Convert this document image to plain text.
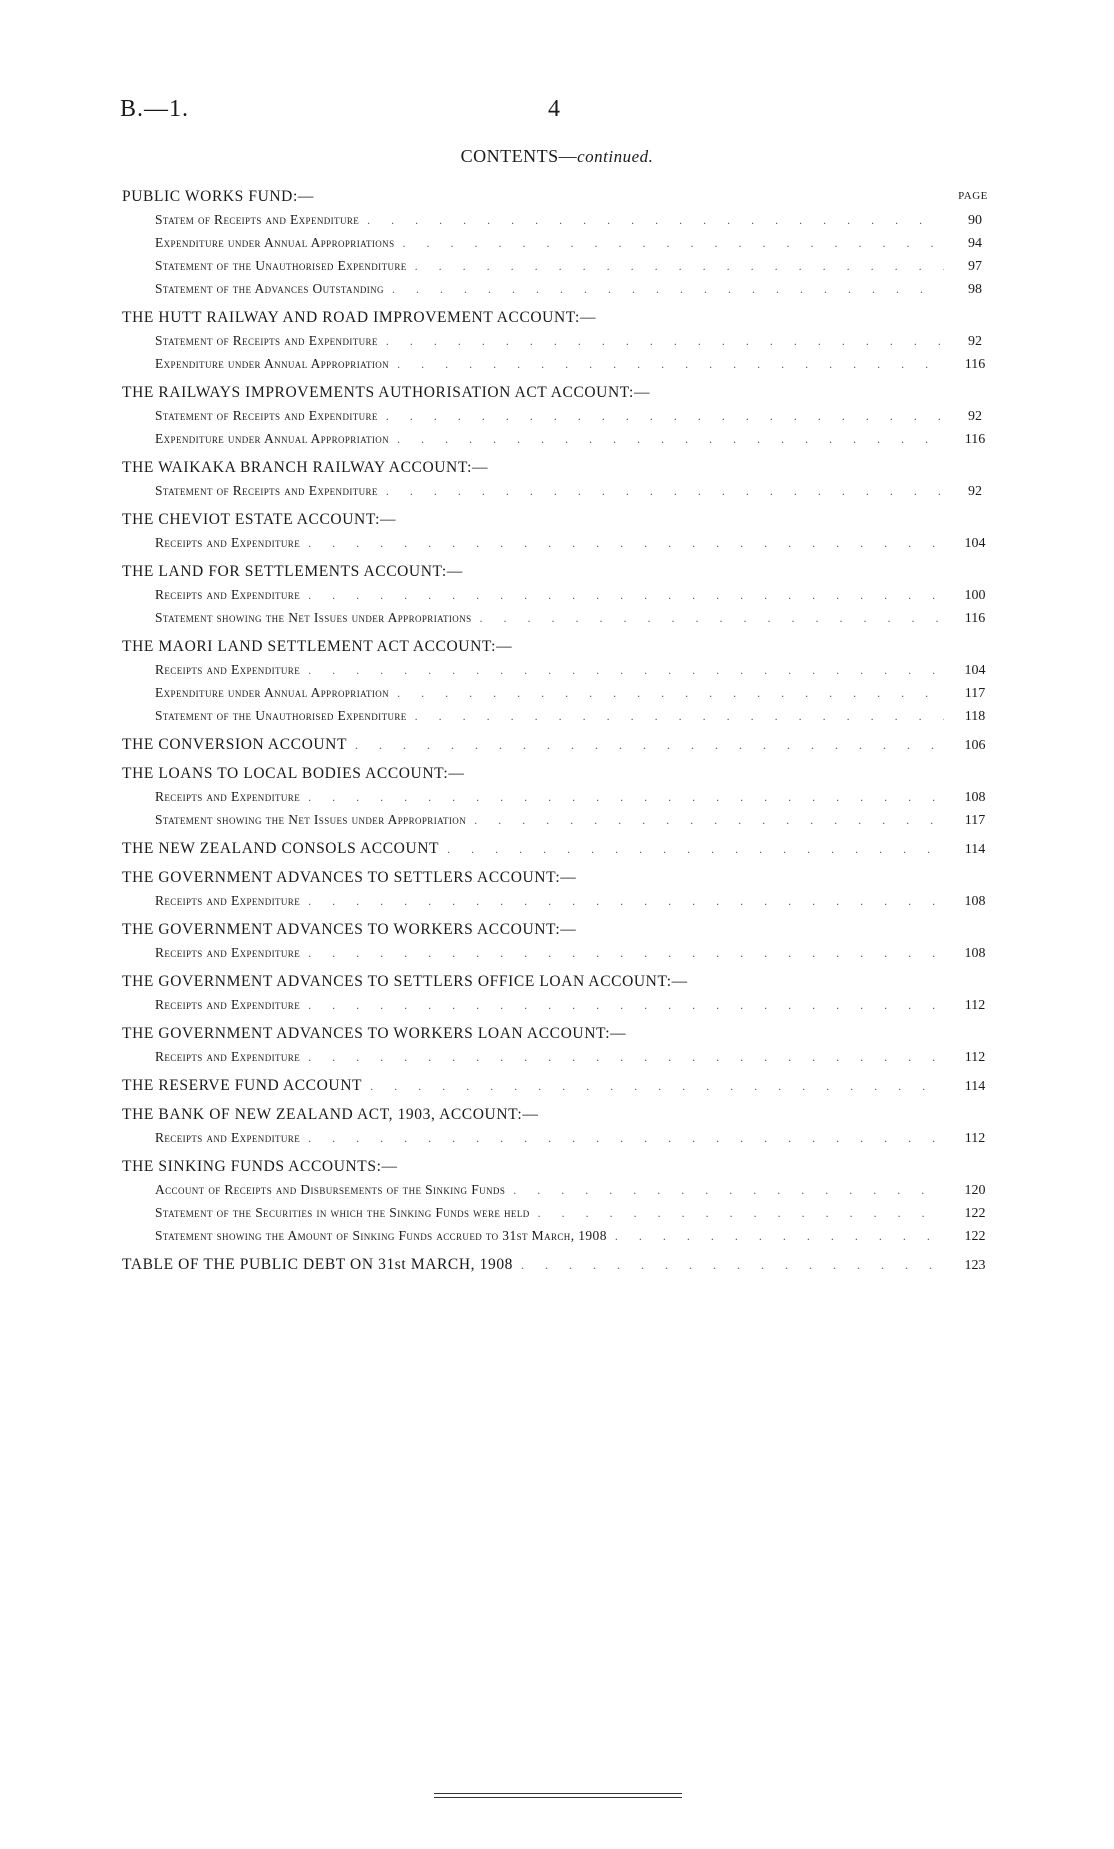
B.—1.	4
CONTENTS—continued.
PAGE
PUBLIC WORKS FUND:—
Statem of Receipts and Expenditure . . .	90
Expenditure under Annual Appropriations . . .	94
Statement of the Unauthorised Expenditure . . .	97
Statement of the Advances Outstanding . . .	98
THE HUTT RAILWAY AND ROAD IMPROVEMENT ACCOUNT:—
Statement of Receipts and Expenditure . . .	92
Expenditure under Annual Appropriation . . .	116
THE RAILWAYS IMPROVEMENTS AUTHORISATION ACT ACCOUNT:—
Statement of Receipts and Expenditure . . .	92
Expenditure under Annual Appropriation . . .	116
THE WAIKAKA BRANCH RAILWAY ACCOUNT:—
Statement of Receipts and Expenditure . . .	92
THE CHEVIOT ESTATE ACCOUNT:—
Receipts and Expenditure . . .	104
THE LAND FOR SETTLEMENTS ACCOUNT:—
Receipts and Expenditure . . .	100
Statement showing the Net Issues under Appropriations . . .	116
THE MAORI LAND SETTLEMENT ACT ACCOUNT:—
Receipts and Expenditure . . .	104
Expenditure under Annual Appropriation . . .	117
Statement of the Unauthorised Expenditure . . .	118
THE CONVERSION ACCOUNT . . .	106
THE LOANS TO LOCAL BODIES ACCOUNT:—
Receipts and Expenditure . . .	108
Statement showing the Net Issues under Appropriation . . .	117
THE NEW ZEALAND CONSOLS ACCOUNT . . .	114
THE GOVERNMENT ADVANCES TO SETTLERS ACCOUNT:—
Receipts and Expenditure . . .	108
THE GOVERNMENT ADVANCES TO WORKERS ACCOUNT:—
Receipts and Expenditure . . .	108
THE GOVERNMENT ADVANCES TO SETTLERS OFFICE LOAN ACCOUNT:—
Receipts and Expenditure . . .	112
THE GOVERNMENT ADVANCES TO WORKERS LOAN ACCOUNT:—
Receipts and Expenditure . . .	112
THE RESERVE FUND ACCOUNT . . .	114
THE BANK OF NEW ZEALAND ACT, 1903, ACCOUNT:—
Receipts and Expenditure . . .	112
THE SINKING FUNDS ACCOUNTS:—
Account of Receipts and Disbursements of the Sinking Funds . . .	120
Statement of the Securities in which the Sinking Funds were held . . .	122
Statement showing the Amount of Sinking Funds accrued to 31st March, 1908 . . .	122
TABLE OF THE PUBLIC DEBT ON 31st MARCH, 1908 . . .	123
